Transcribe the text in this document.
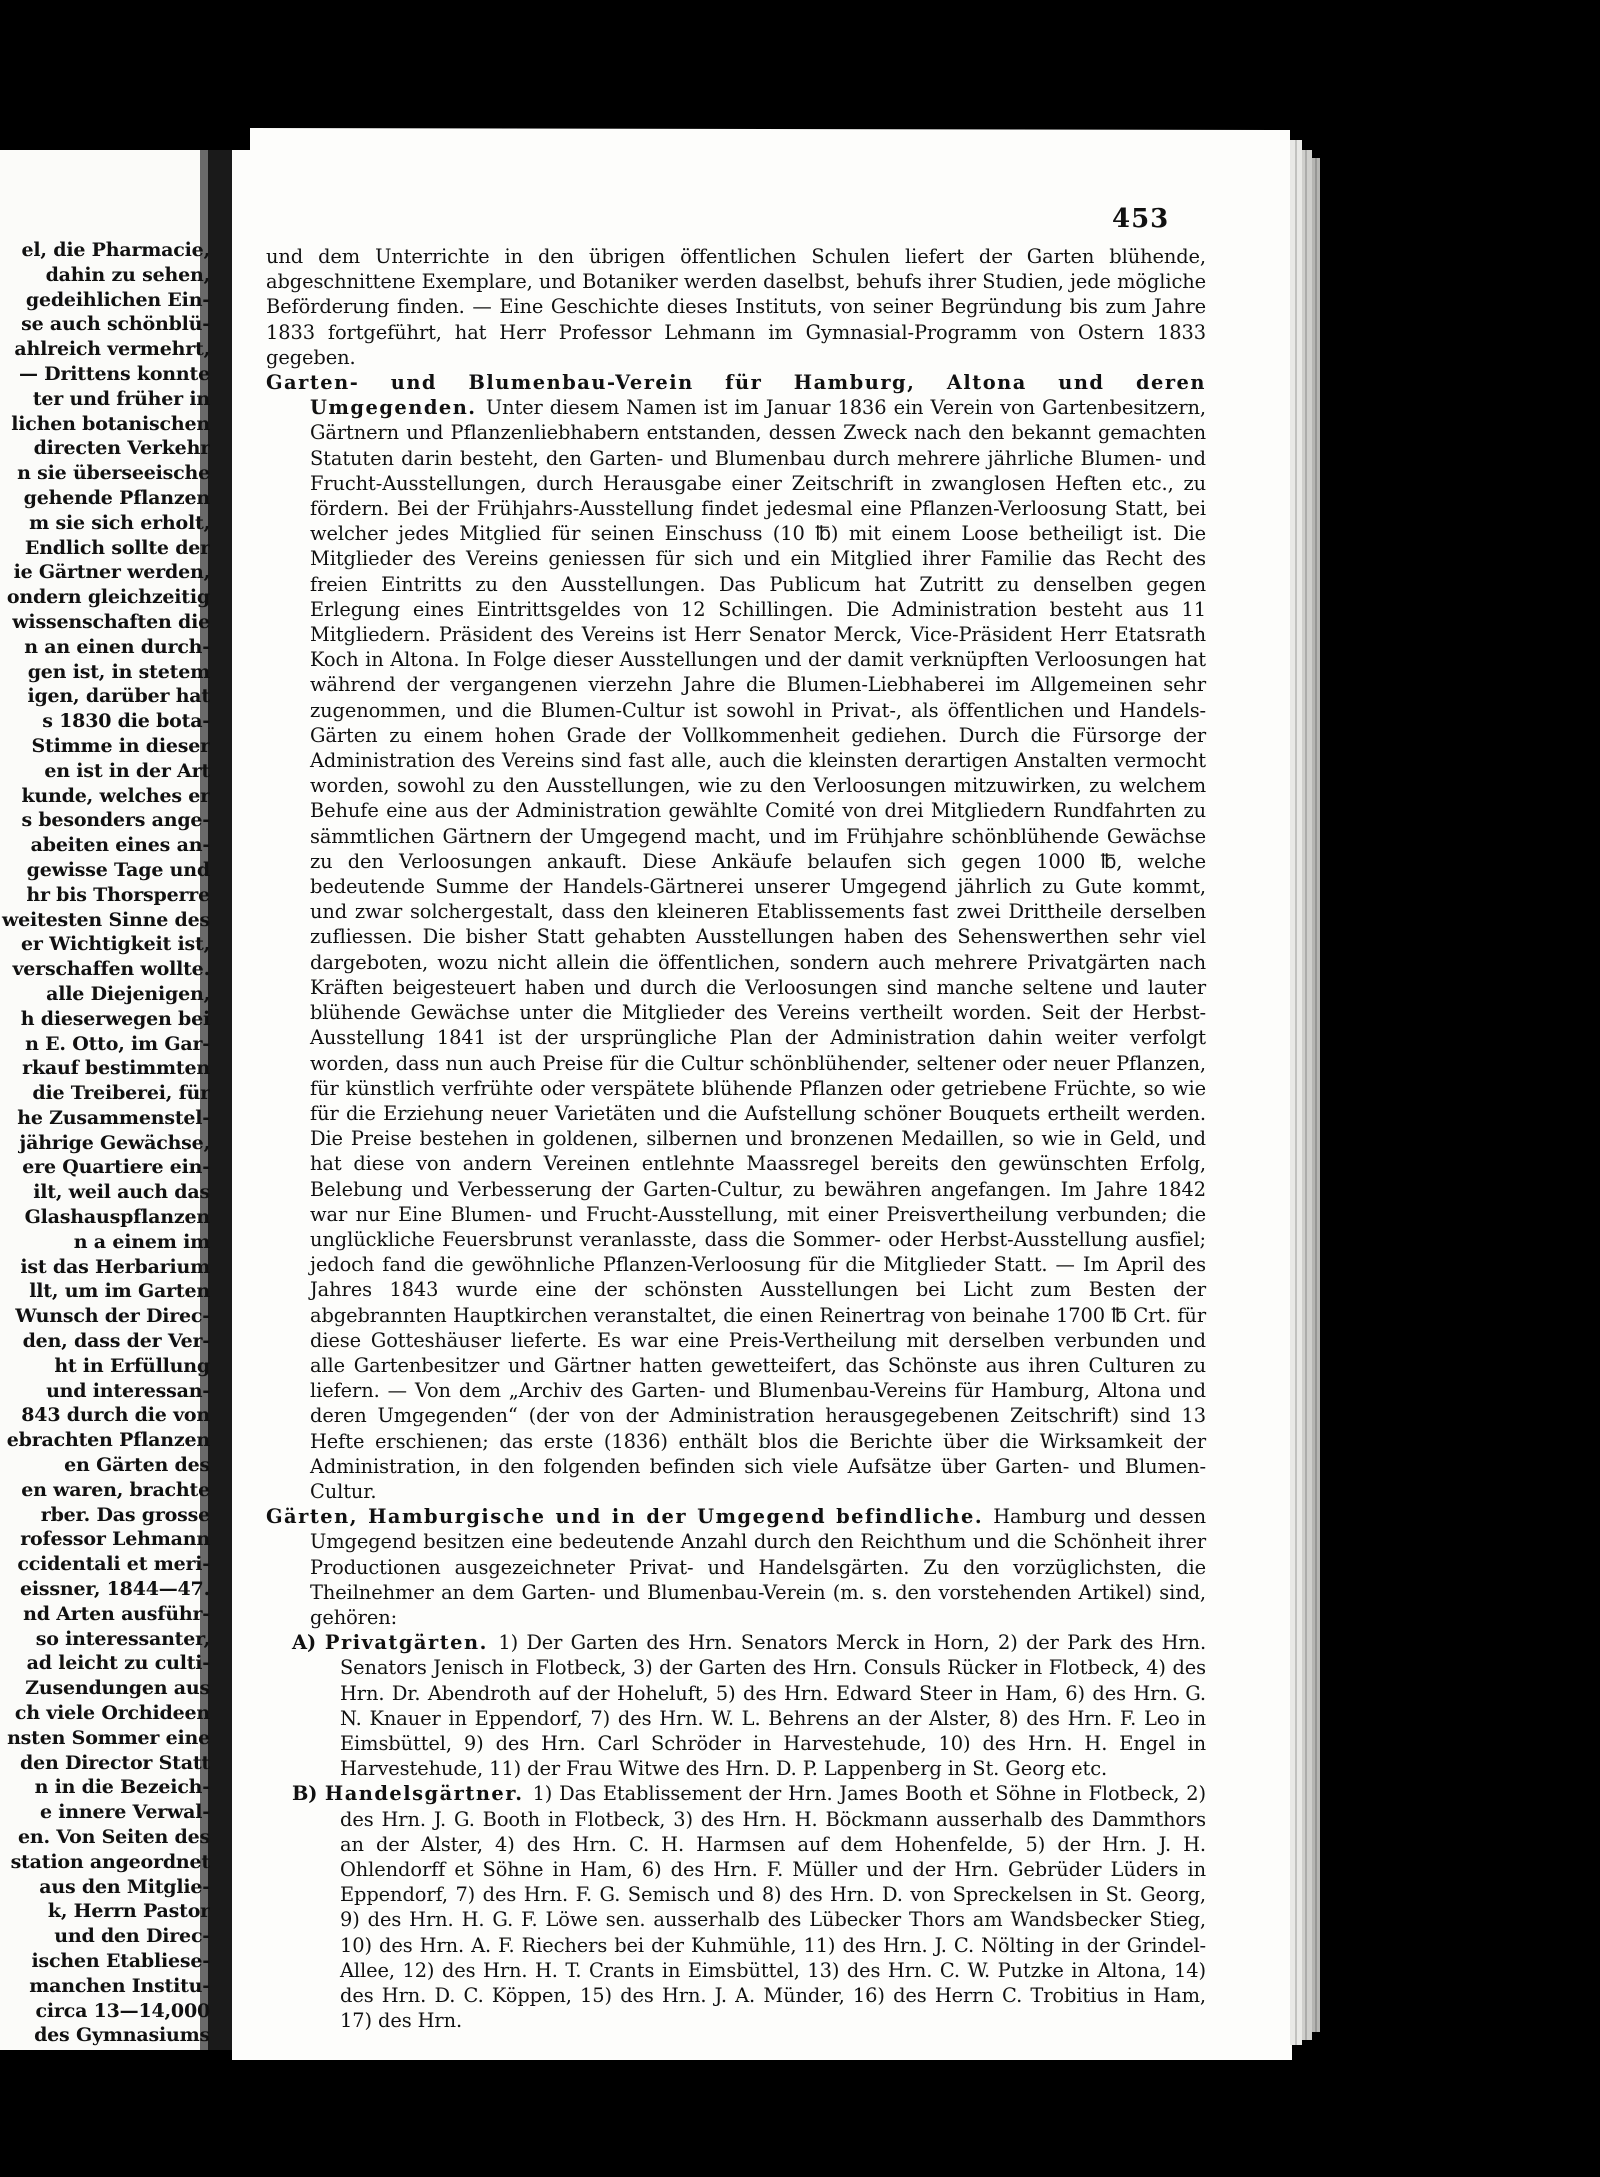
el, die Pharmacie,
dahin zu sehen,
gedeihlichen Ein-
se auch schönblü-
ahlreich vermehrt,
— Drittens konnte
ter und früher in
lichen botanischen
directen Verkehr
n sie überseeische
gehende Pflanzen
m sie sich erholt,
Endlich sollte der
ie Gärtner werden,
ondern gleichzeitig
wissenschaften die
n an einen durch-
gen ist, in stetem
igen, darüber hat
s 1830 die bota-
Stimme in dieser
en ist in der Art
kunde, welches er
s besonders ange-
abeiten eines an-
gewisse Tage und
hr bis Thorsperre
weitesten Sinne des
er Wichtigkeit ist,
verschaffen wollte.
alle Diejenigen,
h dieserwegen bei
n E. Otto, im Gar-
rkauf bestimmten
die Treiberei, für
he Zusammenstel-
jährige Gewächse,
ere Quartiere ein-
ilt, weil auch das
Glashauspflanzen
n a einem im
ist das Herbarium
llt, um im Garten
Wunsch der Direc-
den, dass der Ver-
ht in Erfüllung
und interessan-
843 durch die von
ebrachten Pflanzen
en Gärten des
en waren, brachte
rber. Das grosse
rofessor Lehmann
ccidentali et meri-
eissner, 1844—47.
nd Arten ausführ-
so interessanter,
ad leicht zu culti-
Zusendungen aus
ch viele Orchideen
nsten Sommer eine
den Director Statt
n in die Bezeich-
e innere Verwal-
en. Von Seiten des
station angeordnet
aus den Mitglie-
k, Herrn Pastor
und den Direc-
ischen Etabliese-
manchen Institu-
circa 13—14,000
des Gymnasiums
453

und dem Unterrichte in den übrigen öffentlichen Schulen liefert der Garten blühende, abgeschnittene Exemplare, und Botaniker werden daselbst, behufs ihrer Studien, jede mögliche Beförderung finden. — Eine Geschichte dieses Instituts, von seiner Begründung bis zum Jahre 1833 fortgeführt, hat Herr Professor Lehmann im Gymnasial-Programm von Ostern 1833 gegeben.

Garten- und Blumenbau-Verein für Hamburg, Altona und deren Umgegenden. Unter diesem Namen ist im Januar 1836 ein Verein von Gartenbesitzern, Gärtnern und Pflanzenliebhabern entstanden, dessen Zweck nach den bekannt gemachten Statuten darin besteht, den Garten- und Blumenbau durch mehrere jährliche Blumen- und Frucht-Ausstellungen, durch Herausgabe einer Zeitschrift in zwanglosen Heften etc., zu fördern. Bei der Frühjahrs-Ausstellung findet jedesmal eine Pflanzen-Verloosung Statt, bei welcher jedes Mitglied für seinen Einschuss (10 ℔) mit einem Loose betheiligt ist. Die Mitglieder des Vereins geniessen für sich und ein Mitglied ihrer Familie das Recht des freien Eintritts zu den Ausstellungen. Das Publicum hat Zutritt zu denselben gegen Erlegung eines Eintrittsgeldes von 12 Schillingen. Die Administration besteht aus 11 Mitgliedern. Präsident des Vereins ist Herr Senator Merck, Vice-Präsident Herr Etatsrath Koch in Altona. In Folge dieser Ausstellungen und der damit verknüpften Verloosungen hat während der vergangenen vierzehn Jahre die Blumen-Liebhaberei im Allgemeinen sehr zugenommen, und die Blumen-Cultur ist sowohl in Privat-, als öffentlichen und Handels-Gärten zu einem hohen Grade der Vollkommenheit gediehen. Durch die Fürsorge der Administration des Vereins sind fast alle, auch die kleinsten derartigen Anstalten vermocht worden, sowohl zu den Ausstellungen, wie zu den Verloosungen mitzuwirken, zu welchem Behufe eine aus der Administration gewählte Comité von drei Mitgliedern Rundfahrten zu sämmtlichen Gärtnern der Umgegend macht, und im Frühjahre schönblühende Gewächse zu den Verloosungen ankauft. Diese Ankäufe belaufen sich gegen 1000 ℔, welche bedeutende Summe der Handels-Gärtnerei unserer Umgegend jährlich zu Gute kommt, und zwar solchergestalt, dass den kleineren Etablissements fast zwei Drittheile derselben zufliessen. Die bisher Statt gehabten Ausstellungen haben des Sehenswerthen sehr viel dargeboten, wozu nicht allein die öffentlichen, sondern auch mehrere Privatgärten nach Kräften beigesteuert haben und durch die Verloosungen sind manche seltene und lauter blühende Gewächse unter die Mitglieder des Vereins vertheilt worden. Seit der Herbst-Ausstellung 1841 ist der ursprüngliche Plan der Administration dahin weiter verfolgt worden, dass nun auch Preise für die Cultur schönblühender, seltener oder neuer Pflanzen, für künstlich verfrühte oder verspätete blühende Pflanzen oder getriebene Früchte, so wie für die Erziehung neuer Varietäten und die Aufstellung schöner Bouquets ertheilt werden. Die Preise bestehen in goldenen, silbernen und bronzenen Medaillen, so wie in Geld, und hat diese von andern Vereinen entlehnte Maassregel bereits den gewünschten Erfolg, Belebung und Verbesserung der Garten-Cultur, zu bewähren angefangen. Im Jahre 1842 war nur Eine Blumen- und Frucht-Ausstellung, mit einer Preisvertheilung verbunden; die unglückliche Feuersbrunst veranlasste, dass die Sommer- oder Herbst-Ausstellung ausfiel; jedoch fand die gewöhnliche Pflanzen-Verloosung für die Mitglieder Statt. — Im April des Jahres 1843 wurde eine der schönsten Ausstellungen bei Licht zum Besten der abgebrannten Hauptkirchen veranstaltet, die einen Reinertrag von beinahe 1700 ℔ Crt. für diese Gotteshäuser lieferte. Es war eine Preis-Vertheilung mit derselben verbunden und alle Gartenbesitzer und Gärtner hatten gewetteifert, das Schönste aus ihren Culturen zu liefern. — Von dem „Archiv des Garten- und Blumenbau-Vereins für Hamburg, Altona und deren Umgegenden“ (der von der Administration herausgegebenen Zeitschrift) sind 13 Hefte erschienen; das erste (1836) enthält blos die Berichte über die Wirksamkeit der Administration, in den folgenden befinden sich viele Aufsätze über Garten- und Blumen-Cultur.

Gärten, Hamburgische und in der Umgegend befindliche. Hamburg und dessen Umgegend besitzen eine bedeutende Anzahl durch den Reichthum und die Schönheit ihrer Productionen ausgezeichneter Privat- und Handelsgärten. Zu den vorzüglichsten, die Theilnehmer an dem Garten- und Blumenbau-Verein (m. s. den vorstehenden Artikel) sind, gehören:

A) Privatgärten. 1) Der Garten des Hrn. Senators Merck in Horn, 2) der Park des Hrn. Senators Jenisch in Flotbeck, 3) der Garten des Hrn. Consuls Rücker in Flotbeck, 4) des Hrn. Dr. Abendroth auf der Hoheluft, 5) des Hrn. Edward Steer in Ham, 6) des Hrn. G. N. Knauer in Eppendorf, 7) des Hrn. W. L. Behrens an der Alster, 8) des Hrn. F. Leo in Eimsbüttel, 9) des Hrn. Carl Schröder in Harvestehude, 10) des Hrn. H. Engel in Harvestehude, 11) der Frau Witwe des Hrn. D. P. Lappenberg in St. Georg etc.

B) Handelsgärtner. 1) Das Etablissement der Hrn. James Booth et Söhne in Flotbeck, 2) des Hrn. J. G. Booth in Flotbeck, 3) des Hrn. H. Böckmann ausserhalb des Dammthors an der Alster, 4) des Hrn. C. H. Harmsen auf dem Hohenfelde, 5) der Hrn. J. H. Ohlendorff et Söhne in Ham, 6) des Hrn. F. Müller und der Hrn. Gebrüder Lüders in Eppendorf, 7) des Hrn. F. G. Semisch und 8) des Hrn. D. von Spreckelsen in St. Georg, 9) des Hrn. H. G. F. Löwe sen. ausserhalb des Lübecker Thors am Wandsbecker Stieg, 10) des Hrn. A. F. Riechers bei der Kuhmühle, 11) des Hrn. J. C. Nölting in der Grindel-Allee, 12) des Hrn. H. T. Crants in Eimsbüttel, 13) des Hrn. C. W. Putzke in Altona, 14) des Hrn. D. C. Köppen, 15) des Hrn. J. A. Münder, 16) des Herrn C. Trobitius in Ham, 17) des Hrn.
